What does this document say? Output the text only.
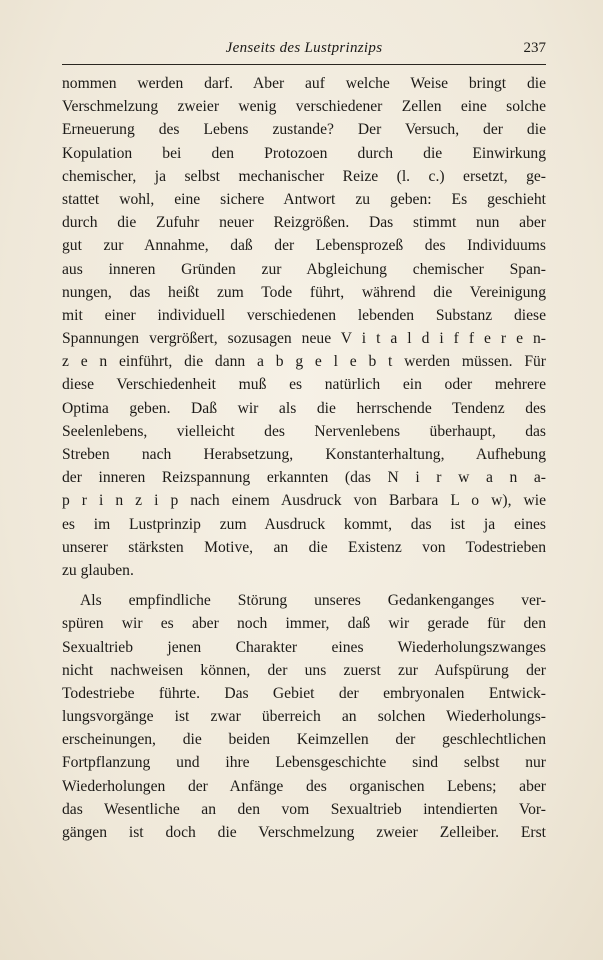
Jenseits des Lustprinzips	237
nommen werden darf. Aber auf welche Weise bringt die
Verschmelzung zweier wenig verschiedener Zellen eine solche
Erneuerung des Lebens zustande? Der Versuch, der die
Kopulation bei den Protozoen durch die Einwirkung
chemischer, ja selbst mechanischer Reize (l. c.) ersetzt, ge-
stattet wohl, eine sichere Antwort zu geben: Es geschieht
durch die Zufuhr neuer Reizgrößen. Das stimmt nun aber
gut zur Annahme, daß der Lebensprozeß des Individuums
aus inneren Gründen zur Abgleichung chemischer Span-
nungen, das heißt zum Tode führt, während die Vereinigung
mit einer individuell verschiedenen lebenden Substanz diese
Spannungen vergrößert, sozusagen neue V i t a l d i f f e r e n-
z e n einführt, die dann a b g e l e b t werden müssen. Für
diese Verschiedenheit muß es natürlich ein oder mehrere
Optima geben. Daß wir als die herrschende Tendenz des
Seelenlebens, vielleicht des Nervenlebens überhaupt, das
Streben nach Herabsetzung, Konstanterhaltung, Aufhebung
der inneren Reizspannung erkannten (das N i r w a n a-
p r i n z i p nach einem Ausdruck von Barbara L o w), wie
es im Lustprinzip zum Ausdruck kommt, das ist ja eines
unserer stärksten Motive, an die Existenz von Todestrieben
zu glauben.
Als empfindliche Störung unseres Gedankenganges ver-
spüren wir es aber noch immer, daß wir gerade für den
Sexualtrieb jenen Charakter eines Wiederholungszwanges
nicht nachweisen können, der uns zuerst zur Aufspürung der
Todestriebe führte. Das Gebiet der embryonalen Entwick-
lungsvorgänge ist zwar überreich an solchen Wiederholungs-
erscheinungen, die beiden Keimzellen der geschlechtlichen
Fortpflanzung und ihre Lebensgeschichte sind selbst nur
Wiederholungen der Anfänge des organischen Lebens; aber
das Wesentliche an den vom Sexualtrieb intendierten Vor-
gängen ist doch die Verschmelzung zweier Zelleiber. Erst
